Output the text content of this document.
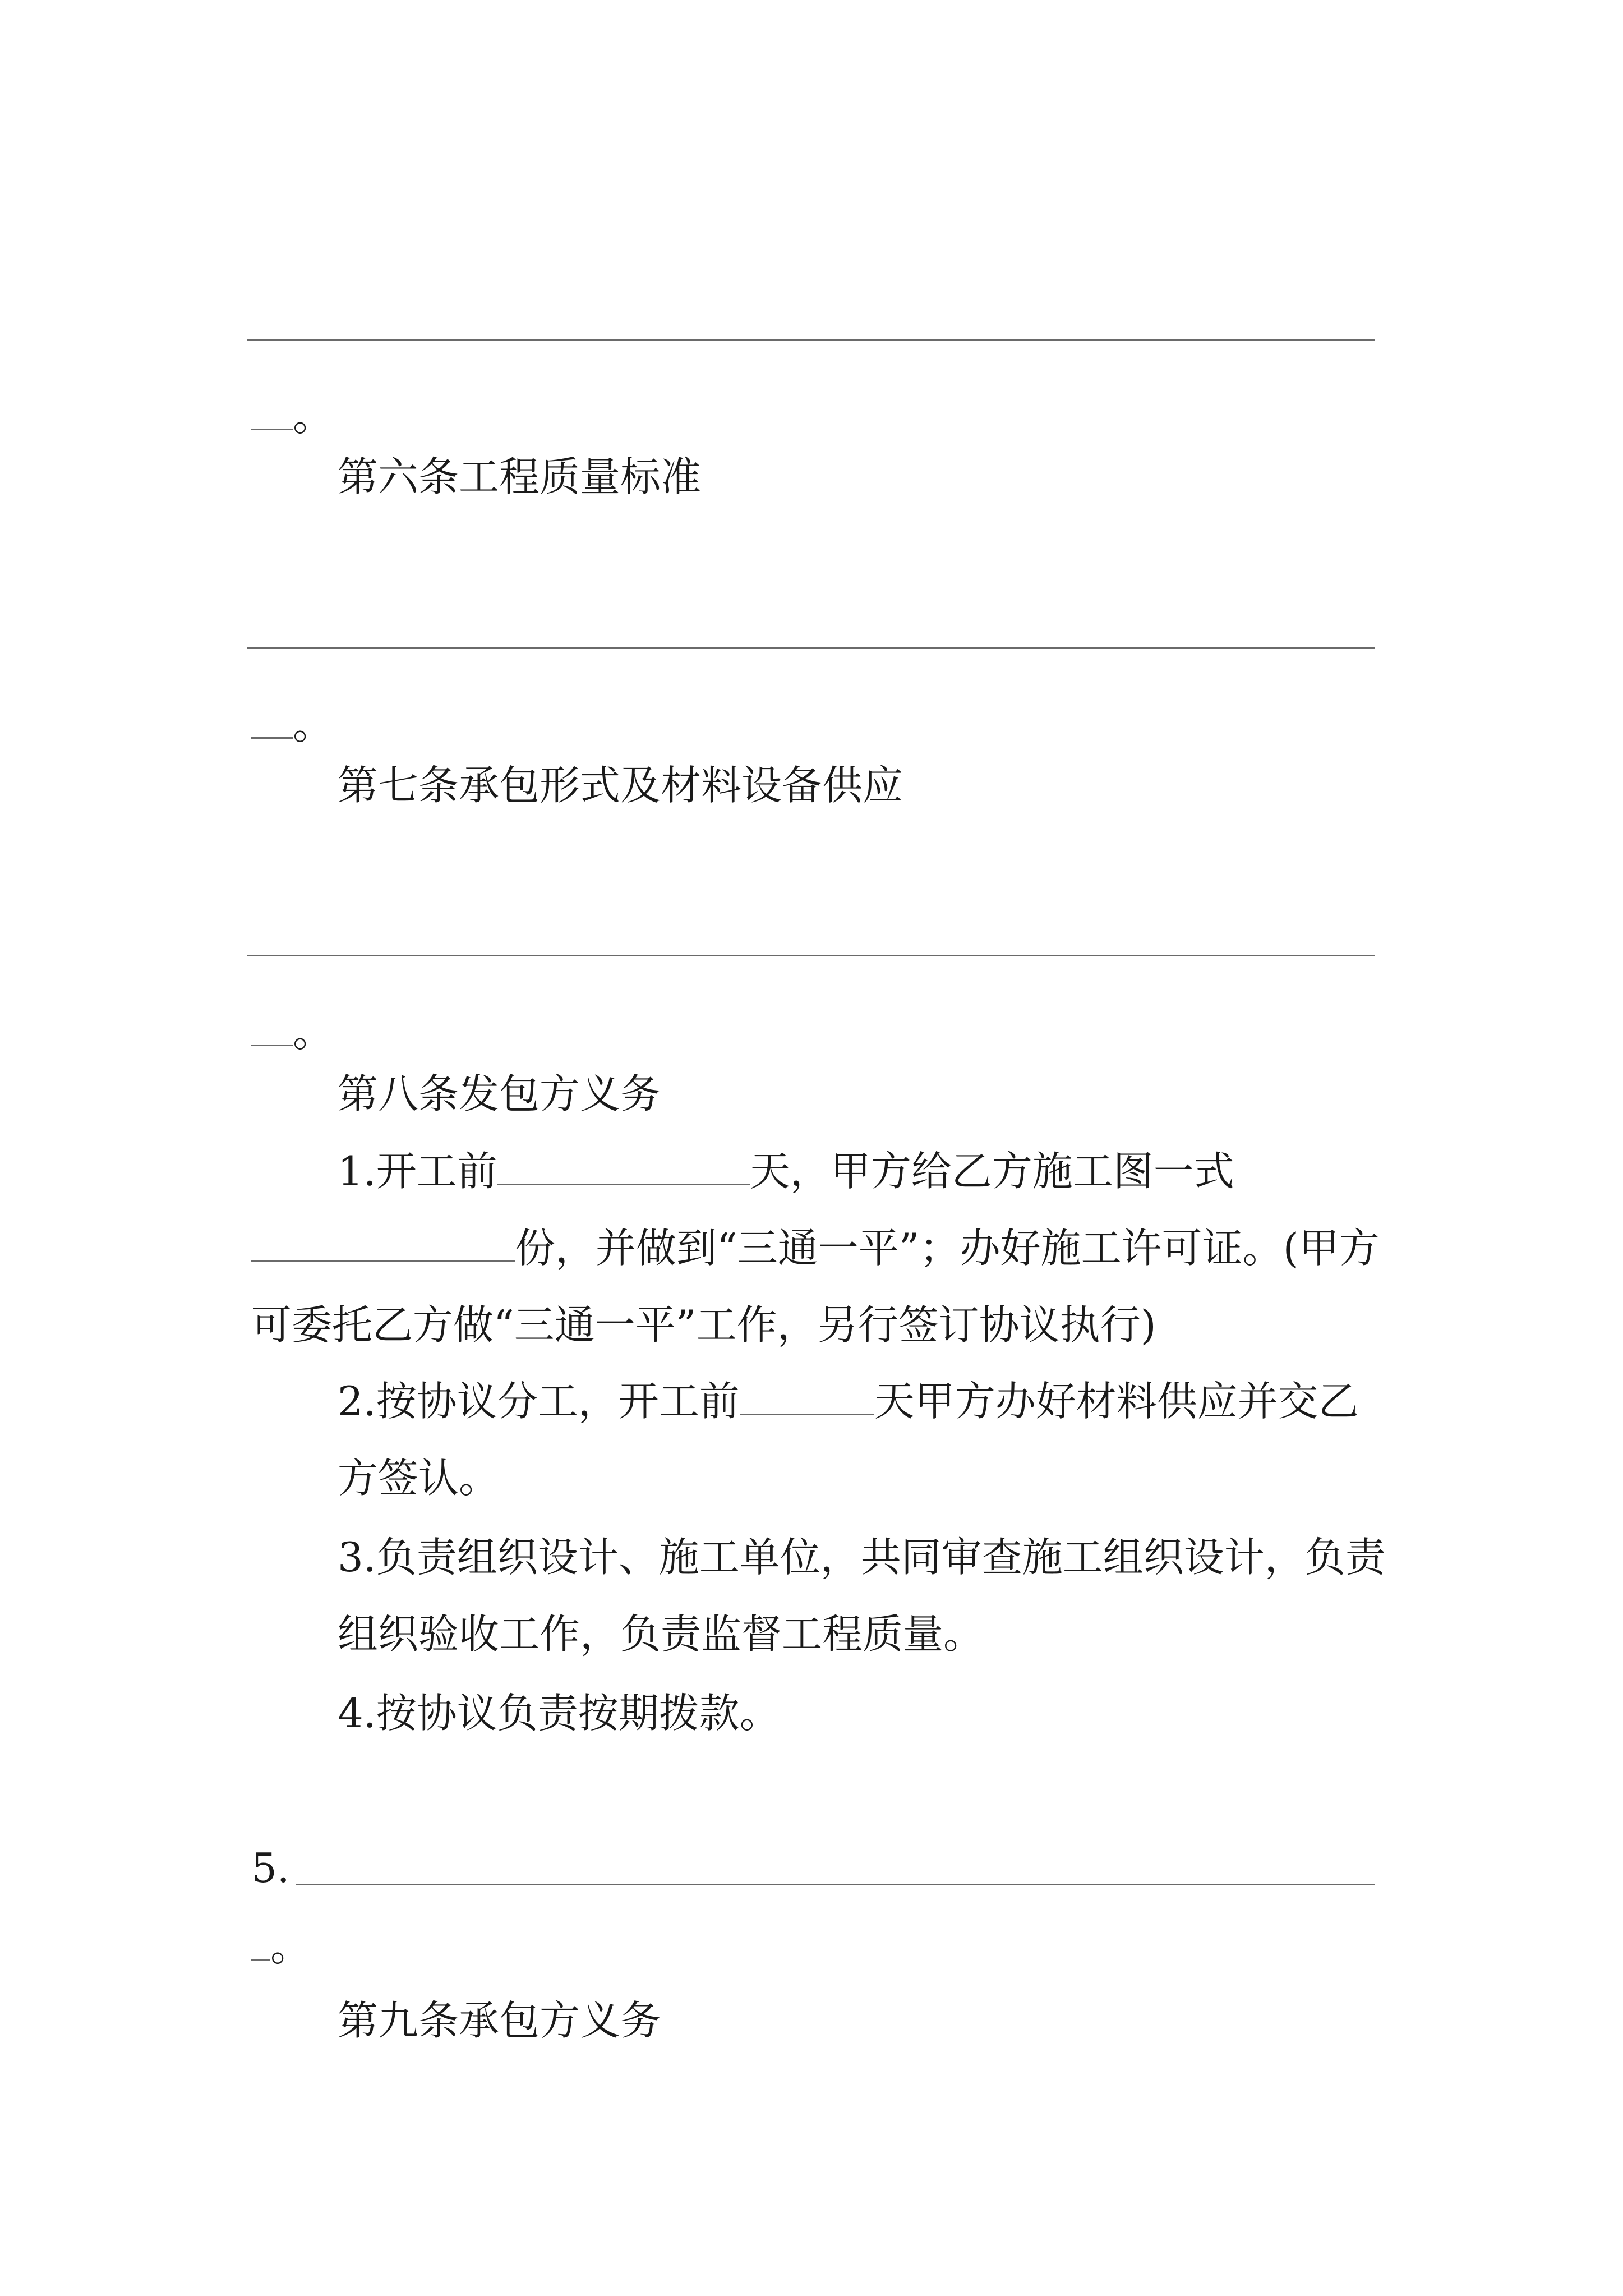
。
第六条工程质量标准
。
第七条承包形式及材料设备供应
。
第八条发包方义务
1.开工前	天，甲方给乙方施工图一式
份，并做到“三通一平”；办好施工许可证。(甲方可委托乙方做“三通一平”工作，另行签订协议执行)
2.按协议分工，开工前	天甲方办好材料供应并交乙方签认。
3.负责组织设计、施工单位，共同审查施工组织设计，负责组织验收工作，负责监督工程质量。
4.按协议负责按期拨款。
5.
。
第九条承包方义务
